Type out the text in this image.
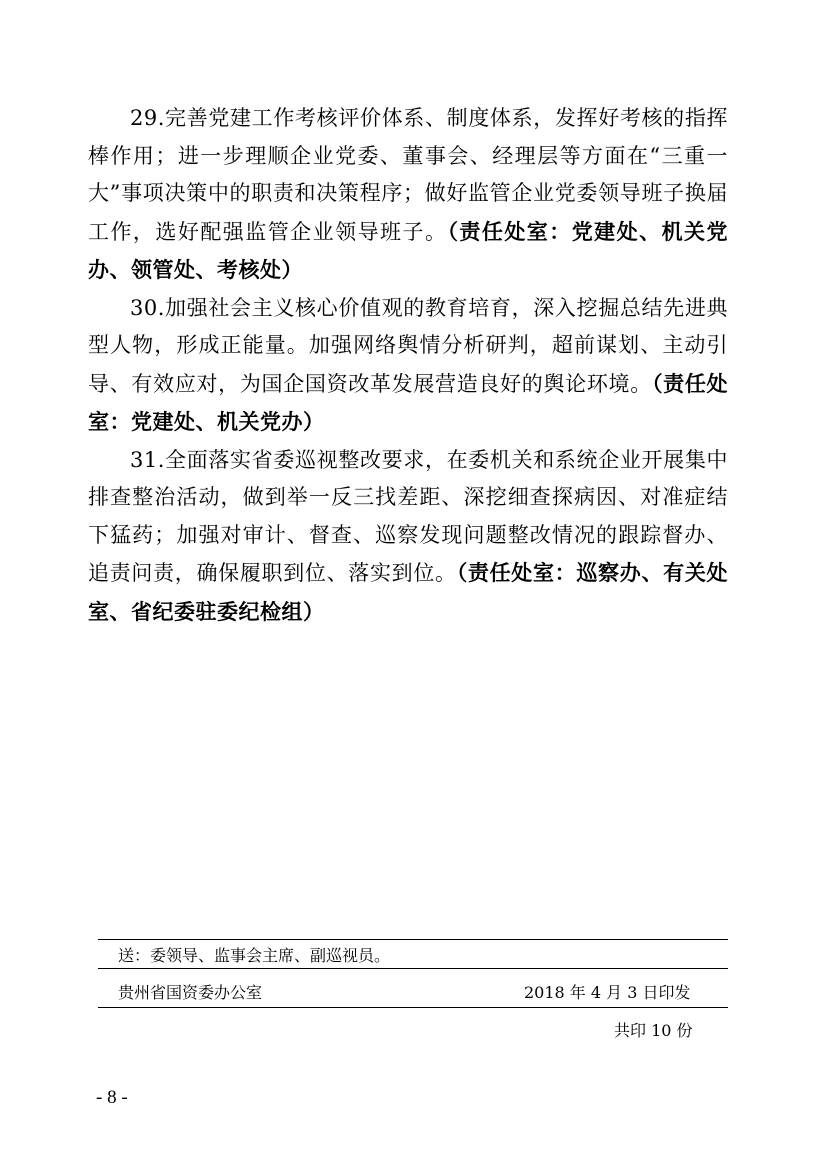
29.完善党建工作考核评价体系、制度体系，发挥好考核的指挥棒作用；进一步理顺企业党委、董事会、经理层等方面在“三重一大”事项决策中的职责和决策程序；做好监管企业党委领导班子换届工作，选好配强监管企业领导班子。（责任处室：党建处、机关党办、领管处、考核处）

30.加强社会主义核心价值观的教育培育，深入挖掘总结先进典型人物，形成正能量。加强网络舆情分析研判，超前谋划、主动引导、有效应对，为国企国资改革发展营造良好的舆论环境。（责任处室：党建处、机关党办）

31.全面落实省委巡视整改要求，在委机关和系统企业开展集中排查整治活动，做到举一反三找差距、深挖细查探病因、对准症结下猛药；加强对审计、督查、巡察发现问题整改情况的跟踪督办、追责问责，确保履职到位、落实到位。（责任处室：巡察办、有关处室、省纪委驻委纪检组）

送：委领导、监事会主席、副巡视员。
贵州省国资委办公室	2018 年 4 月 3 日印发
共印 10 份
- 8 -
